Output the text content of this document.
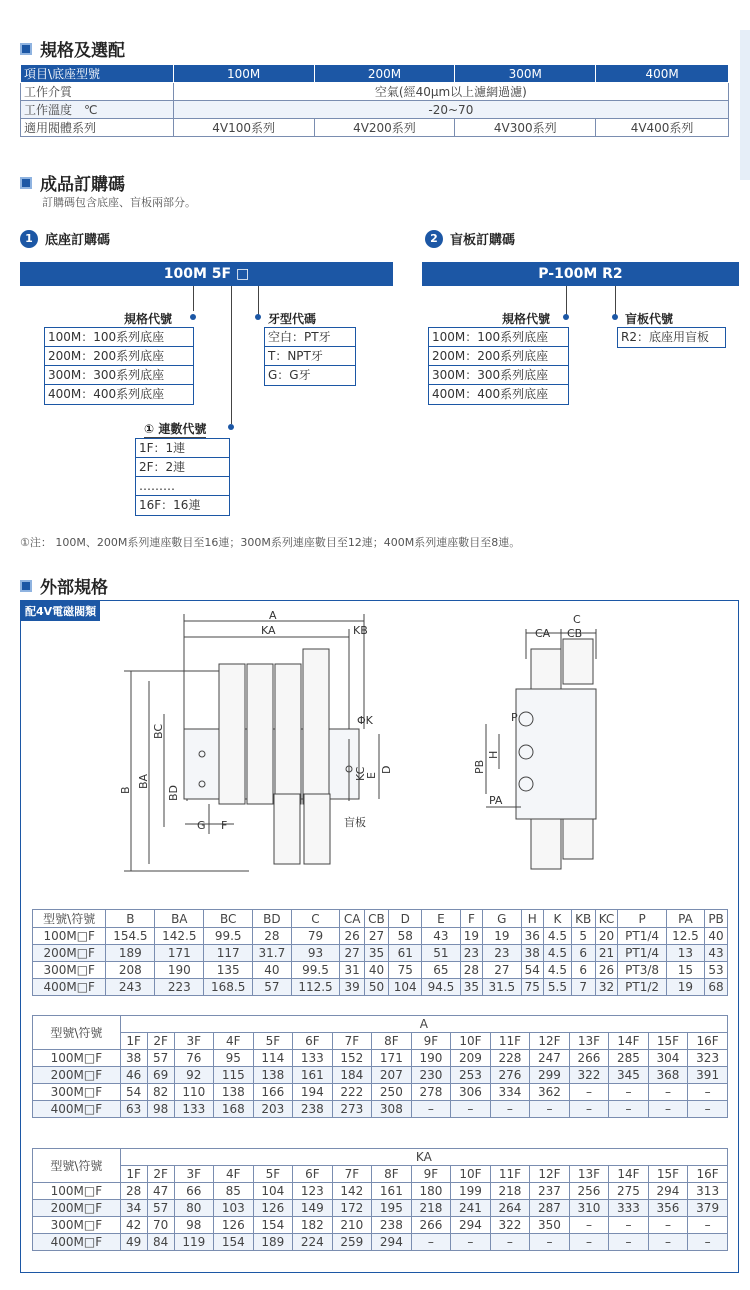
規格及選配
項目\底座型號	100M	200M	300M	400M
工作介質	空氣(經40μm以上濾網過濾)			
工作溫度　℃	-20~70			
適用閥體系列	4V100系列	4V200系列	4V300系列	4V400系列
成品訂購碼
訂購碼包含底座、盲板兩部分。
1 底座訂購碼
100M 5F □
規格代號	牙型代碼
100M：100系列底座
200M：200系列底座
300M：300系列底座
400M：400系列底座
空白：PT牙
T：NPT牙
G：G牙
① 連數代號
1F：1連
2F：2連
………
16F：16連
2 盲板訂購碼
P-100M R2
規格代號	盲板代號
100M：100系列底座
200M：200系列底座
300M：300系列底座
400M：400系列底座
R2：底座用盲板
①注： 100M、200M系列連座數目至16連；300M系列連座數目至12連；400M系列連座數目至8連。
外部規格
配4V電磁閥類	A
KA	KB
ΦK
B
BA
BC
BD
G F
KC
E
D
盲板
C
CA CB
P
PB
H
PA
型號\符號	B	BA	BC	BD	C	CA	CB	D	E	F	G	H	K	KB	KC	P	PA	PB
100M□F	154.5	142.5	99.5	28	79	26	27	58	43	19	19	36	4.5	5	20	PT1/4	12.5	40
200M□F	189	171	117	31.7	93	27	35	61	51	23	23	38	4.5	6	21	PT1/4	13	43
300M□F	208	190	135	40	99.5	31	40	75	65	28	27	54	4.5	6	26	PT3/8	15	53
400M□F	243	223	168.5	57	112.5	39	50	104	94.5	35	31.5	75	5.5	7	32	PT1/2	19	68
型號\符號	A															
	1F	2F	3F	4F	5F	6F	7F	8F	9F	10F	11F	12F	13F	14F	15F	16F
100M□F	38	57	76	95	114	133	152	171	190	209	228	247	266	285	304	323
200M□F	46	69	92	115	138	161	184	207	230	253	276	299	322	345	368	391
300M□F	54	82	110	138	166	194	222	250	278	306	334	362	–	–	–	–
400M□F	63	98	133	168	203	238	273	308	–	–	–	–	–	–	–	–
型號\符號	KA															
	1F	2F	3F	4F	5F	6F	7F	8F	9F	10F	11F	12F	13F	14F	15F	16F
100M□F	28	47	66	85	104	123	142	161	180	199	218	237	256	275	294	313
200M□F	34	57	80	103	126	149	172	195	218	241	264	287	310	333	356	379
300M□F	42	70	98	126	154	182	210	238	266	294	322	350	–	–	–	–
400M□F	49	84	119	154	189	224	259	294	–	–	–	–	–	–	–	–
